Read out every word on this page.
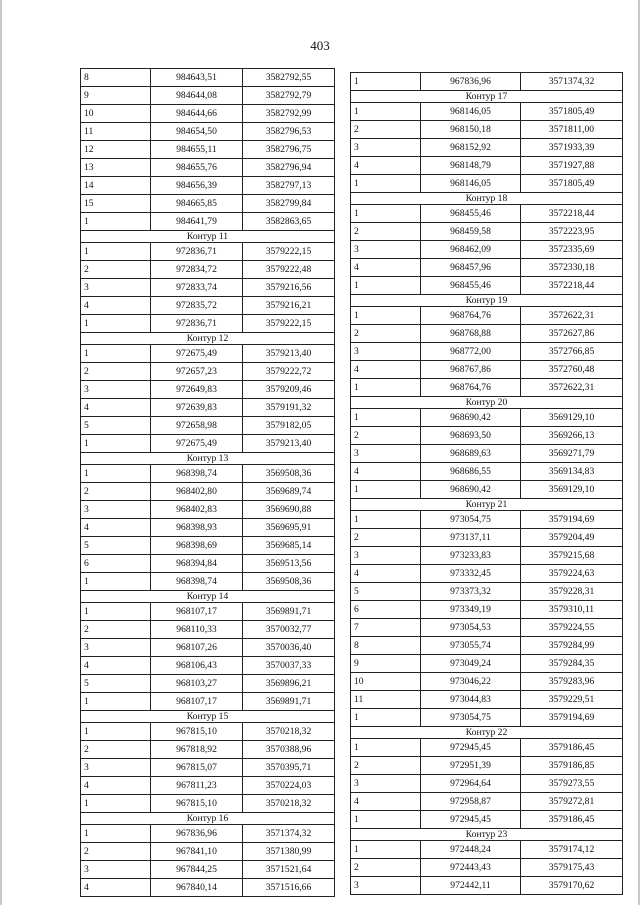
403
8	984643,51	3582792,55
9	984644,08	3582792,79
10	984644,66	3582792,99
11	984654,50	3582796,53
12	984655,11	3582796,75
13	984655,76	3582796,94
14	984656,39	3582797,13
15	984665,85	3582799,84
1	984641,79	3582863,65
Контур 11		
1	972836,71	3579222,15
2	972834,72	3579222,48
3	972833,74	3579216,56
4	972835,72	3579216,21
1	972836,71	3579222,15
Контур 12		
1	972675,49	3579213,40
2	972657,23	3579222,72
3	972649,83	3579209,46
4	972639,83	3579191,32
5	972658,98	3579182,05
1	972675,49	3579213,40
Контур 13		
1	968398,74	3569508,36
2	968402,80	3569689,74
3	968402,83	3569690,88
4	968398,93	3569695,91
5	968398,69	3569685,14
6	968394,84	3569513,56
1	968398,74	3569508,36
Контур 14		
1	968107,17	3569891,71
2	968110,33	3570032,77
3	968107,26	3570036,40
4	968106,43	3570037,33
5	968103,27	3569896,21
1	968107,17	3569891,71
Контур 15		
1	967815,10	3570218,32
2	967818,92	3570388,96
3	967815,07	3570395,71
4	967811,23	3570224,03
1	967815,10	3570218,32
Контур 16		
1	967836,96	3571374,32
2	967841,10	3571380,99
3	967844,25	3571521,64
4	967840,14	3571516,66
1	967836,96	3571374,32
Контур 17		
1	968146,05	3571805,49
2	968150,18	3571811,00
3	968152,92	3571933,39
4	968148,79	3571927,88
1	968146,05	3571805,49
Контур 18		
1	968455,46	3572218,44
2	968459,58	3572223,95
3	968462,09	3572335,69
4	968457,96	3572330,18
1	968455,46	3572218,44
Контур 19		
1	968764,76	3572622,31
2	968768,88	3572627,86
3	968772,00	3572766,85
4	968767,86	3572760,48
1	968764,76	3572622,31
Контур 20		
1	968690,42	3569129,10
2	968693,50	3569266,13
3	968689,63	3569271,79
4	968686,55	3569134,83
1	968690,42	3569129,10
Контур 21		
1	973054,75	3579194,69
2	973137,11	3579204,49
3	973233,83	3579215,68
4	973332,45	3579224,63
5	973373,32	3579228,31
6	973349,19	3579310,11
7	973054,53	3579224,55
8	973055,74	3579284,99
9	973049,24	3579284,35
10	973046,22	3579283,96
11	973044,83	3579229,51
1	973054,75	3579194,69
Контур 22		
1	972945,45	3579186,45
2	972951,39	3579186,85
3	972964,64	3579273,55
4	972958,87	3579272,81
1	972945,45	3579186,45
Контур 23		
1	972448,24	3579174,12
2	972443,43	3579175,43
3	972442,11	3579170,62
